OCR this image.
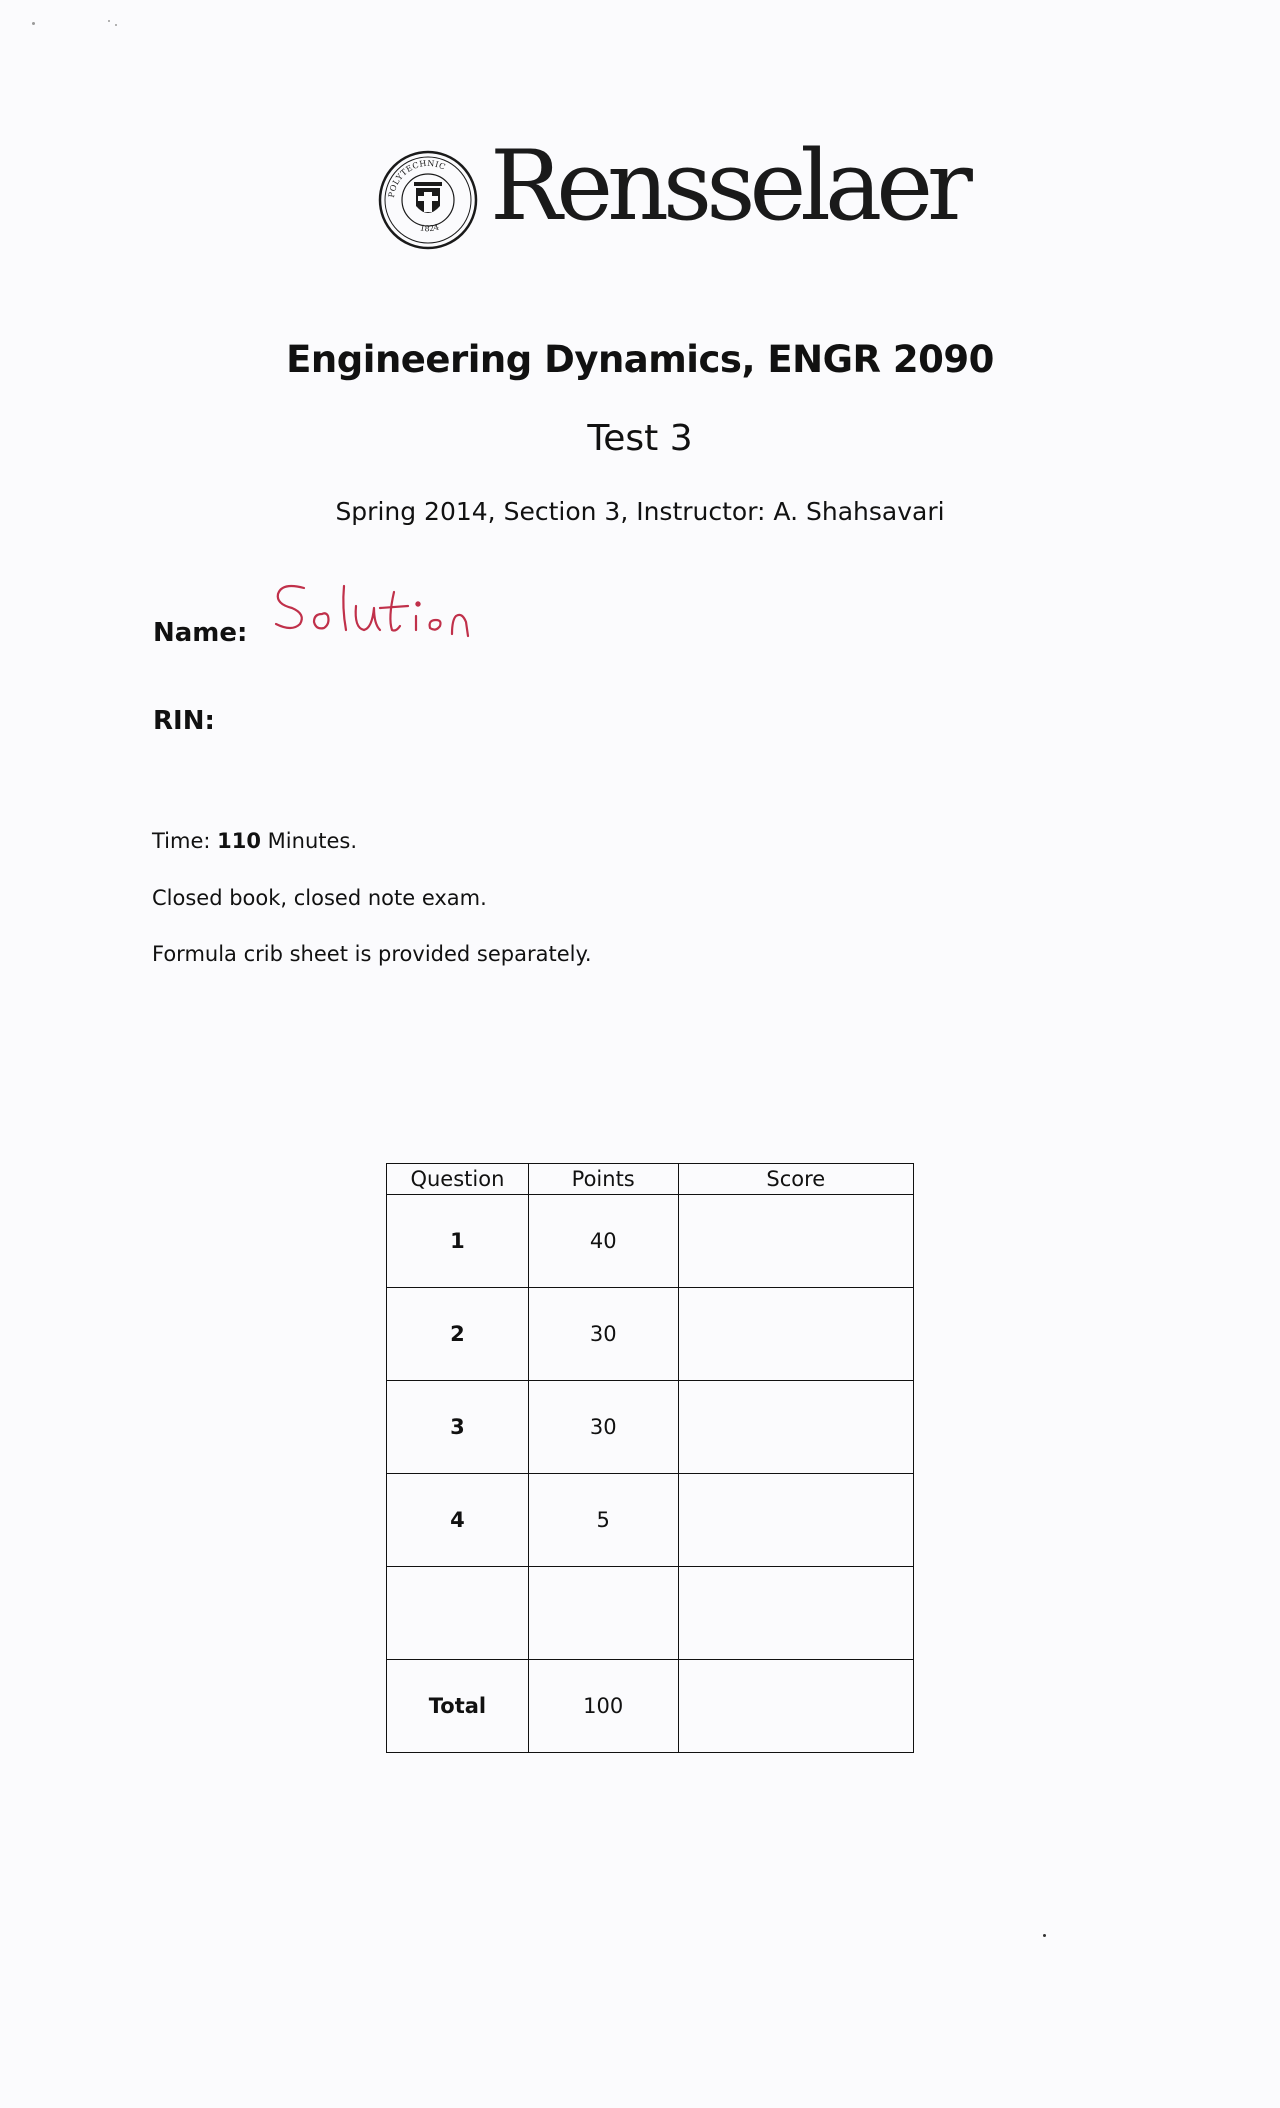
POLYTECHNIC
1824 Rensselaer
Engineering Dynamics, ENGR 2090
Test 3
Spring 2014, Section 3, Instructor: A. Shahsavari
Name:
RIN:
Time: 110 Minutes.
Closed book, closed note exam.
Formula crib sheet is provided separately.
Question	Points	Score
1	40	
2	30	
3	30	
4	5	

Total	100	
